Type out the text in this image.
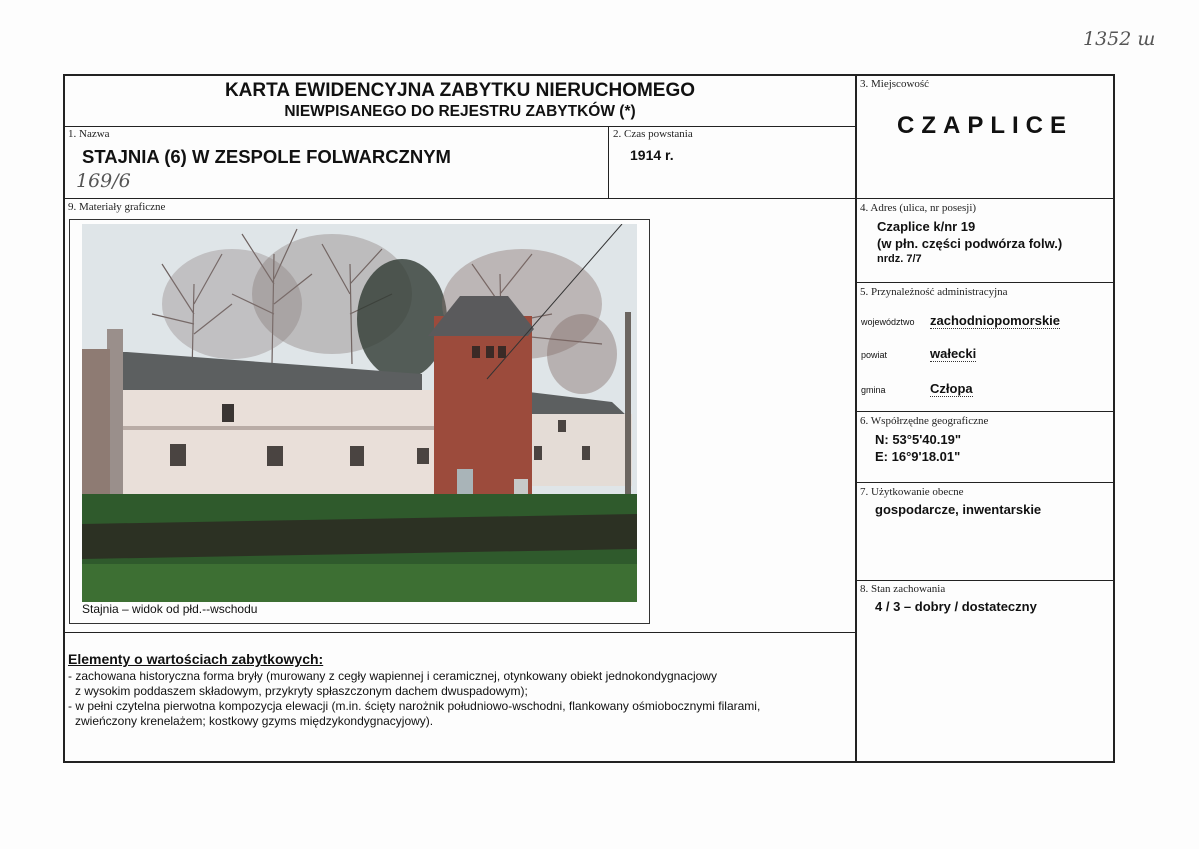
1352 ш
KARTA EWIDENCYJNA ZABYTKU NIERUCHOMEGO
NIEWPISANEGO DO REJESTRU ZABYTKÓW (*)
1. Nazwa
STAJNIA (6) W ZESPOLE FOLWARCZNYM
169/6
2. Czas powstania
1914 r.
3. Miejscowość
CZAPLICE
4. Adres (ulica, nr posesji)
Czaplice k/nr 19
(w płn. części podwórza folw.)
nrdz. 7/7
5. Przynależność administracyjna
województwo zachodniopomorskie
powiat	wałecki
gmina	Człopa
6. Współrzędne geograficzne
N: 53°5'40.19"
E: 16°9'18.01"
7. Użytkowanie obecne
gospodarcze, inwentarskie
8. Stan zachowania
4 / 3 – dobry / dostateczny
9. Materiały graficzne
Stajnia – widok od płd.--wschodu
Elementy o wartościach zabytkowych:
- zachowana historyczna forma bryły (murowany z cegły wapiennej i ceramicznej, otynkowany obiekt jednokondygnacjowy
z wysokim poddaszem składowym, przykryty spłaszczonym dachem dwuspadowym);
- w pełni czytelna pierwotna kompozycja elewacji (m.in. ścięty narożnik południowo-wschodni, flankowany ośmiobocznymi filarami,
zwieńczony krenelażem; kostkowy gzyms międzykondygnacyjowy).
